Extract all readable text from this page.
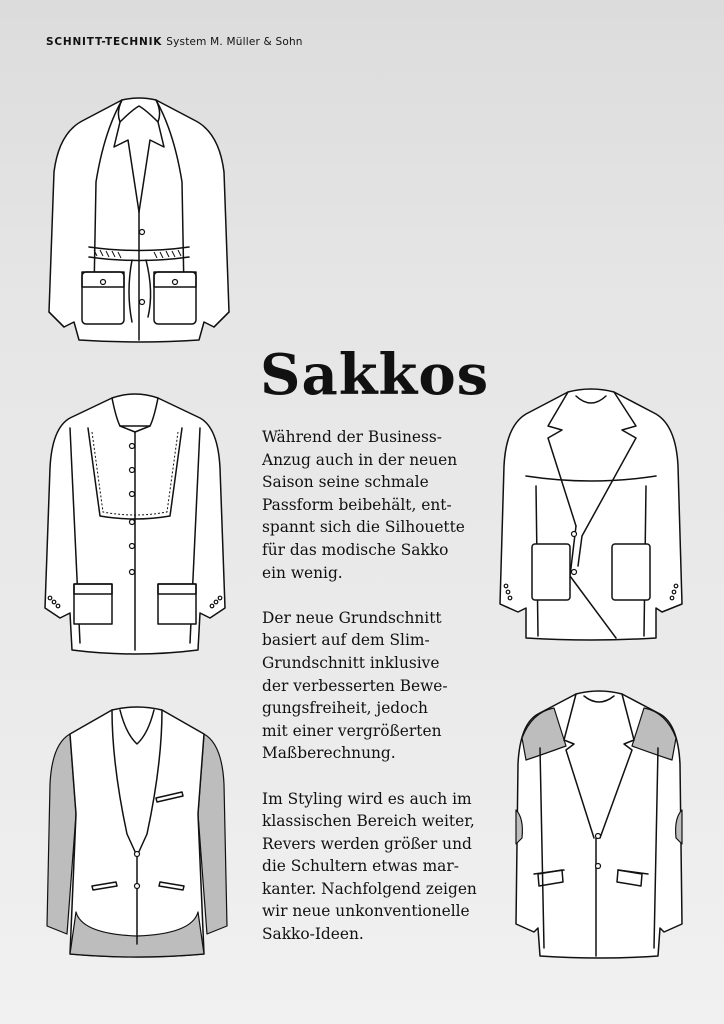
SCHNITT-TECHNIK System M. Müller & Sohn
Sakkos

Während der Business-
Anzug auch in der neuen
Saison seine schmale
Passform beibehält, ent-
spannt sich die Silhouette
für das modische Sakko
ein wenig.

Der neue Grundschnitt
basiert auf dem Slim-
Grundschnitt inklusive
der verbesserten Bewe-
gungsfreiheit, jedoch
mit einer vergrößerten
Maßberechnung.

Im Styling wird es auch im
klassischen Bereich weiter,
Revers werden größer und
die Schultern etwas mar-
kanter. Nachfolgend zeigen
wir neue unkonventionelle
Sakko-Ideen.
